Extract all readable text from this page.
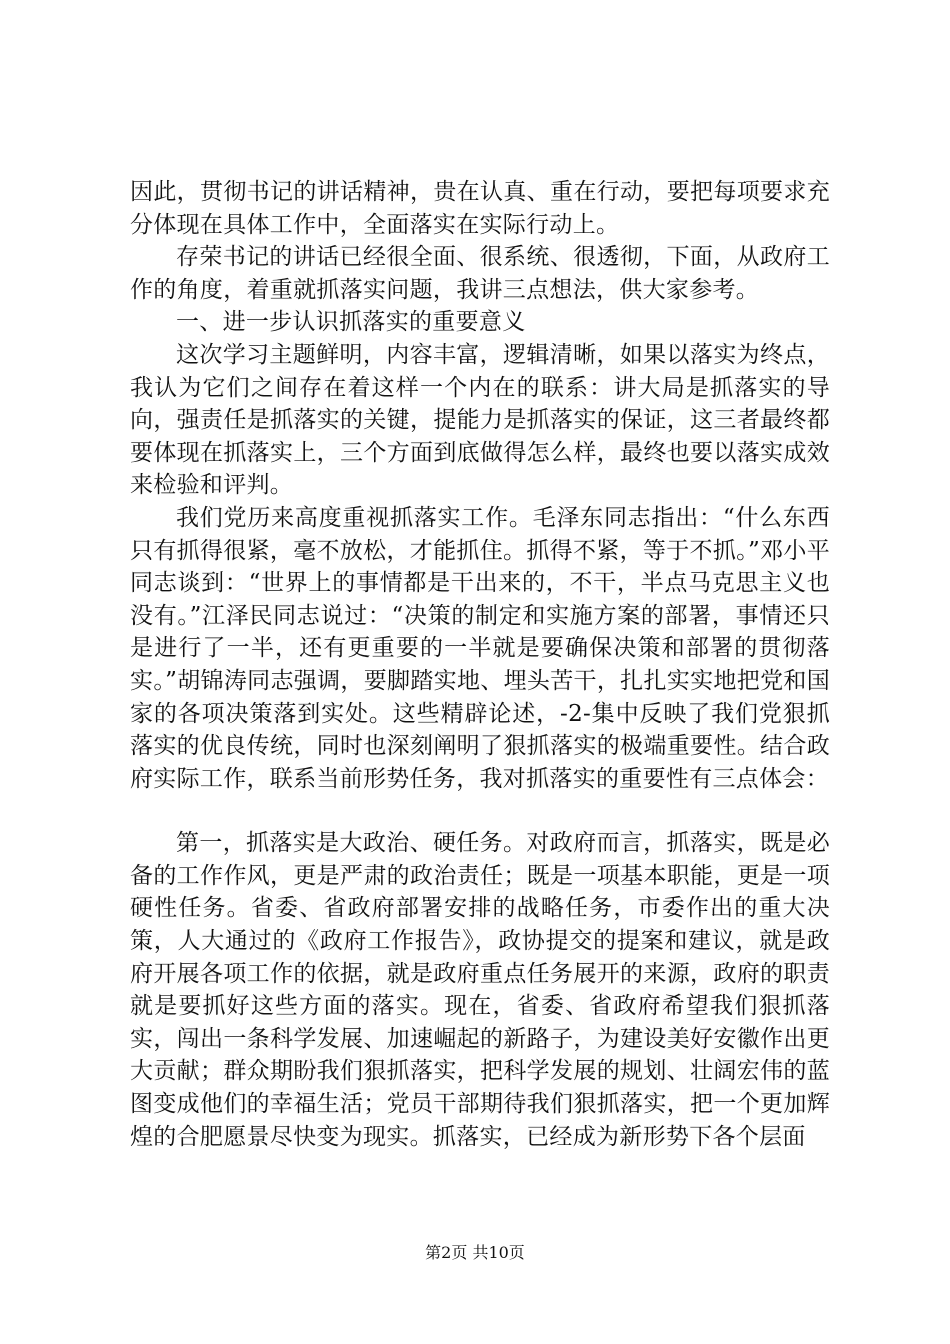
因此，贯彻书记的讲话精神，贵在认真、重在行动，要把每项要求充分体现在具体工作中，全面落实在实际行动上。

存荣书记的讲话已经很全面、很系统、很透彻，下面，从政府工作的角度，着重就抓落实问题，我讲三点想法，供大家参考。

一、进一步认识抓落实的重要意义

这次学习主题鲜明，内容丰富，逻辑清晰，如果以落实为终点，我认为它们之间存在着这样一个内在的联系：讲大局是抓落实的导向，强责任是抓落实的关键，提能力是抓落实的保证，这三者最终都要体现在抓落实上，三个方面到底做得怎么样，最终也要以落实成效来检验和评判。

我们党历来高度重视抓落实工作。毛泽东同志指出：“什么东西只有抓得很紧，毫不放松，才能抓住。抓得不紧，等于不抓。”邓小平同志谈到：“世界上的事情都是干出来的，不干，半点马克思主义也没有。”江泽民同志说过：“决策的制定和实施方案的部署，事情还只是进行了一半，还有更重要的一半就是要确保决策和部署的贯彻落实。”胡锦涛同志强调，要脚踏实地、埋头苦干，扎扎实实地把党和国家的各项决策落到实处。这些精辟论述，-2-集中反映了我们党狠抓落实的优良传统，同时也深刻阐明了狠抓落实的极端重要性。结合政府实际工作，联系当前形势任务，我对抓落实的重要性有三点体会：

第一，抓落实是大政治、硬任务。对政府而言，抓落实，既是必备的工作作风，更是严肃的政治责任；既是一项基本职能，更是一项硬性任务。省委、省政府部署安排的战略任务，市委作出的重大决策，人大通过的《政府工作报告》，政协提交的提案和建议，就是政府开展各项工作的依据，就是政府重点任务展开的来源，政府的职责就是要抓好这些方面的落实。现在，省委、省政府希望我们狠抓落实，闯出一条科学发展、加速崛起的新路子，为建设美好安徽作出更大贡献；群众期盼我们狠抓落实，把科学发展的规划、壮阔宏伟的蓝图变成他们的幸福生活；党员干部期待我们狠抓落实，把一个更加辉煌的合肥愿景尽快变为现实。抓落实，已经成为新形势下各个层面

第2页 共10页
